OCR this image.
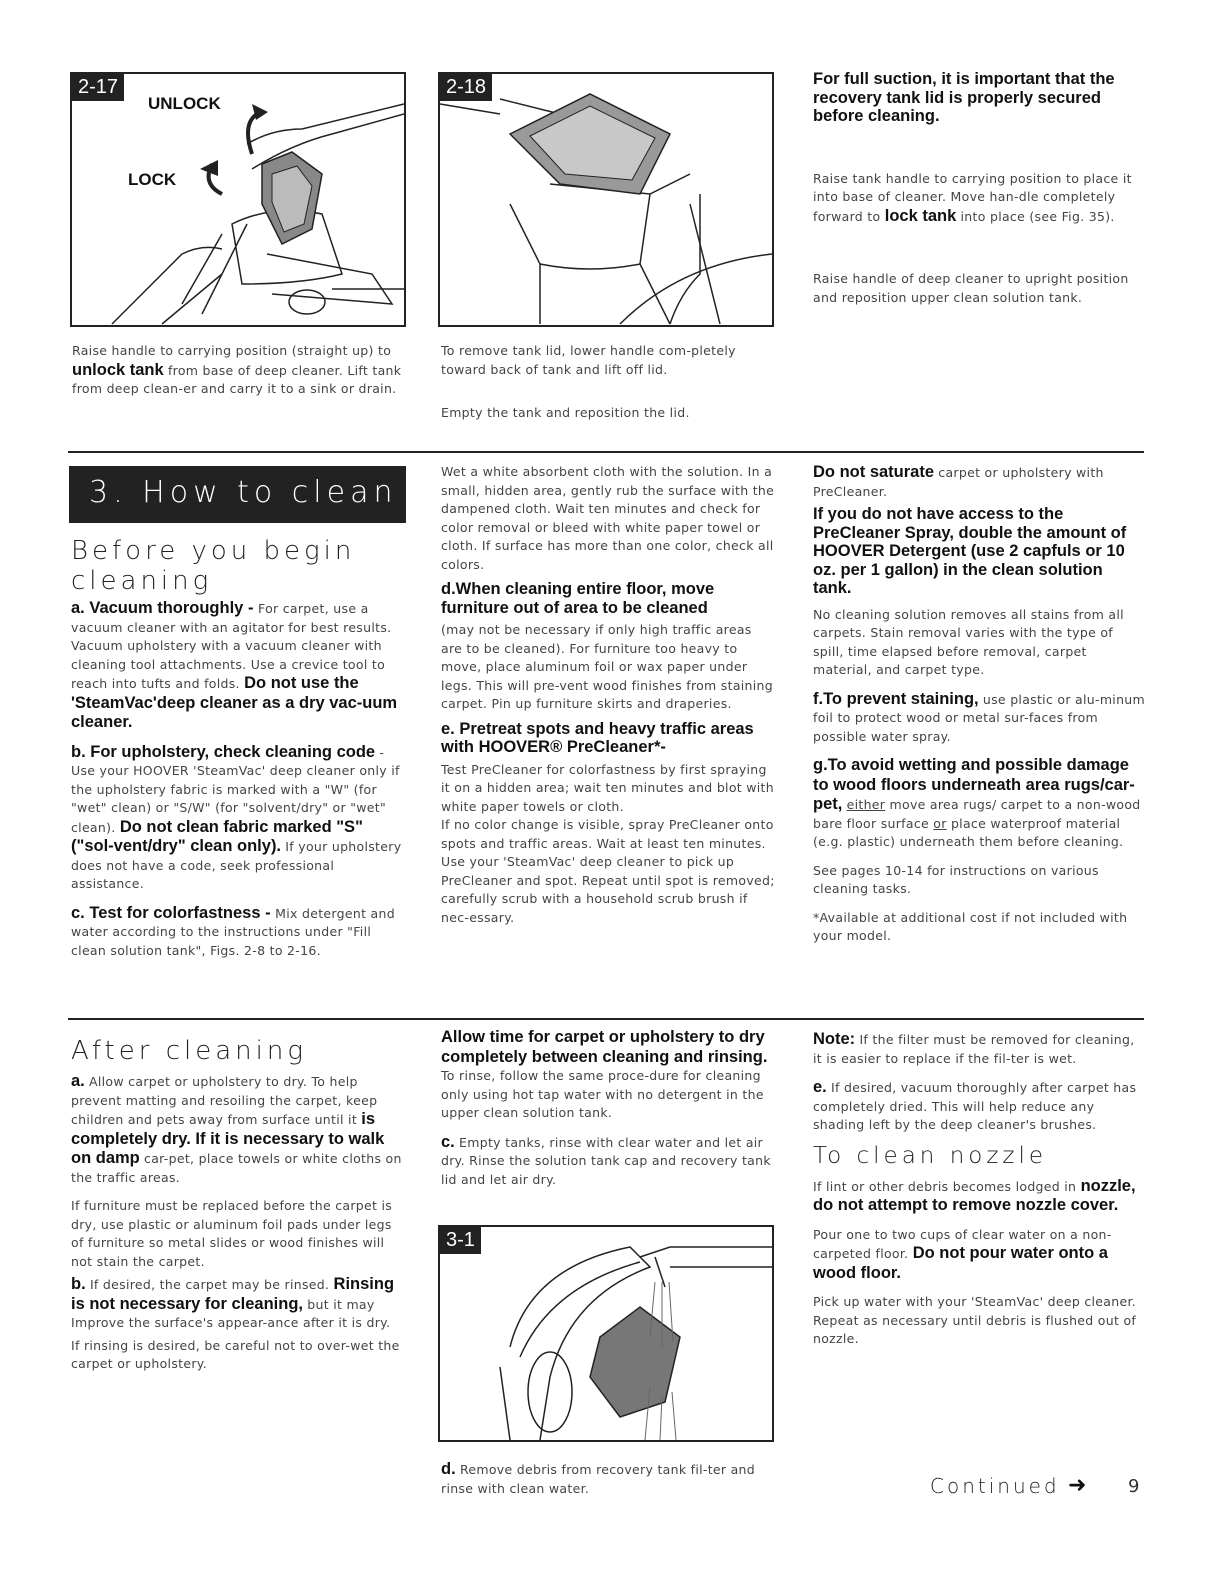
2-17
UNLOCK
LOCK

Raise handle to carrying position (straight up) to unlock tank from base of deep cleaner. Lift tank from deep clean-er and carry it to a sink or drain.

2-18

To remove tank lid, lower handle com-pletely toward back of tank and lift off lid.

Empty the tank and reposition the lid.

For full suction, it is important that the recovery tank lid is properly secured before cleaning.

Raise tank handle to carrying position to place it into base of cleaner. Move han-dle completely forward to lock tank into place (see Fig. 35).

Raise handle of deep cleaner to upright position and reposition upper clean solution tank.

3. How to clean

Before you begin cleaning

a. Vacuum thoroughly - For carpet, use a vacuum cleaner with an agitator for best results. Vacuum upholstery with a vacuum cleaner with cleaning tool attachments. Use a crevice tool to reach into tufts and folds. Do not use the 'SteamVac'deep cleaner as a dry vac-uum cleaner.

b. For upholstery, check cleaning code - Use your HOOVER 'SteamVac' deep cleaner only if the upholstery fabric is marked with a "W" (for "wet" clean) or "S/W" (for "solvent/dry" or "wet" clean). Do not clean fabric marked "S" ("sol-vent/dry" clean only). If your upholstery does not have a code, seek professional assistance.

c. Test for colorfastness - Mix detergent and water according to the instructions under "Fill clean solution tank", Figs. 2-8 to 2-16.

Wet a white absorbent cloth with the solution. In a small, hidden area, gently rub the surface with the dampened cloth. Wait ten minutes and check for color removal or bleed with white paper towel or cloth. If surface has more than one color, check all colors.

d.When cleaning entire floor, move furniture out of area to be cleaned

(may not be necessary if only high traffic areas are to be cleaned). For furniture too heavy to move, place aluminum foil or wax paper under legs. This will pre-vent wood finishes from staining carpet. Pin up furniture skirts and draperies.

e. Pretreat spots and heavy traffic areas with HOOVER® PreCleaner*-

Test PreCleaner for colorfastness by first spraying it on a hidden area; wait ten minutes and blot with white paper towels or cloth.

If no color change is visible, spray PreCleaner onto spots and traffic areas. Wait at least ten minutes. Use your 'SteamVac' deep cleaner to pick up PreCleaner and spot. Repeat until spot is removed; carefully scrub with a household scrub brush if nec-essary.

Do not saturate carpet or upholstery with PreCleaner.

If you do not have access to the PreCleaner Spray, double the amount of HOOVER Detergent (use 2 capfuls or 10 oz. per 1 gallon) in the clean solution tank.

No cleaning solution removes all stains from all carpets. Stain removal varies with the type of spill, time elapsed before removal, carpet material, and carpet type.

f.To prevent staining, use plastic or alu-minum foil to protect wood or metal sur-faces from possible water spray.

g.To avoid wetting and possible damage to wood floors underneath area rugs/car-pet, either move area rugs/ carpet to a non-wood bare floor surface or place waterproof material (e.g. plastic) underneath them before cleaning.

See pages 10-14 for instructions on various cleaning tasks.

*Available at additional cost if not included with your model.

After cleaning

a. Allow carpet or upholstery to dry. To help prevent matting and resoiling the carpet, keep children and pets away from surface until it is completely dry. If it is necessary to walk on damp car-pet, place towels or white cloths on the traffic areas.

If furniture must be replaced before the carpet is dry, use plastic or aluminum foil pads under legs of furniture so metal slides or wood finishes will not stain the carpet.

b. If desired, the carpet may be rinsed. Rinsing is not necessary for cleaning, but it may Improve the surface's appear-ance after it is dry.

If rinsing is desired, be careful not to over-wet the carpet or upholstery.

Allow time for carpet or upholstery to dry completely between cleaning and rinsing. To rinse, follow the same proce-dure for cleaning only using hot tap water with no detergent in the upper clean solution tank.

c. Empty tanks, rinse with clear water and let air dry. Rinse the solution tank cap and recovery tank lid and let air dry.

3-1

d. Remove debris from recovery tank fil-ter and rinse with clean water.

Note: If the filter must be removed for cleaning, it is easier to replace if the fil-ter is wet.

e. If desired, vacuum thoroughly after carpet has completely dried. This will help reduce any shading left by the deep cleaner's brushes.

To clean nozzle

If lint or other debris becomes lodged in nozzle, do not attempt to remove nozzle cover.

Pour one to two cups of clear water on a non-carpeted floor. Do not pour water onto a wood floor.

Pick up water with your 'SteamVac' deep cleaner. Repeat as necessary until debris is flushed out of nozzle.

Continued ➜ 9
